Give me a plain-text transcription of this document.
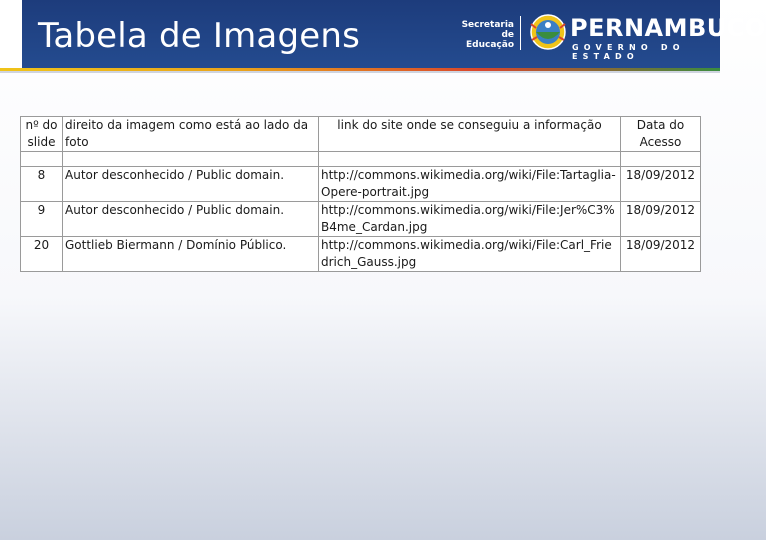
Tabela de Imagens	Secretaria de
Educação
PERNAMBUCO
GOVERNO DO ESTADO
nº do slide	direito da imagem como está ao lado da foto	link do site onde se conseguiu a informação	Data do Acesso

8	Autor desconhecido / Public domain.	http://commons.wikimedia.org/wiki/File:Tartaglia-Opere-portrait.jpg	18/09/2012
9	Autor desconhecido / Public domain.	http://commons.wikimedia.org/wiki/File:Jer%C3%B4me_Cardan.jpg	18/09/2012
20	Gottlieb Biermann / Domínio Público.	http://commons.wikimedia.org/wiki/File:Carl_Friedrich_Gauss.jpg	18/09/2012
